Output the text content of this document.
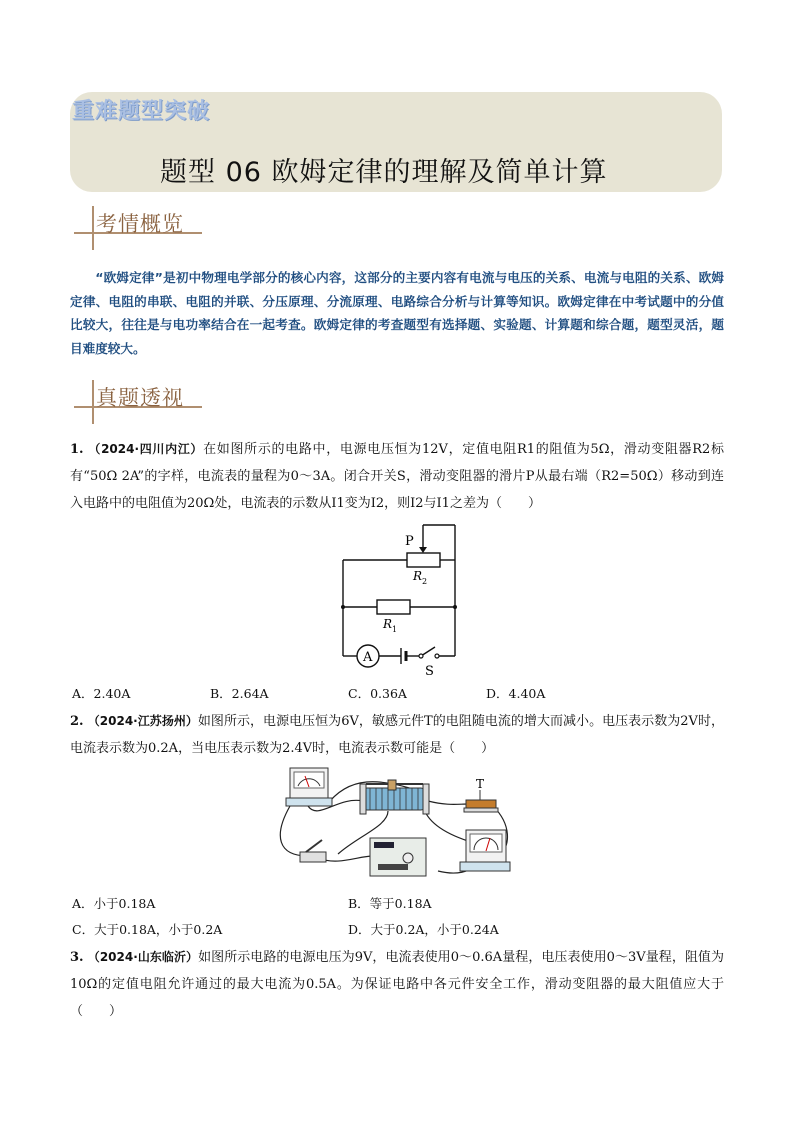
重难题型突破
题型 06 欧姆定律的理解及简单计算
考情概览

“欧姆定律”是初中物理电学部分的核心内容，这部分的主要内容有电流与电压的关系、电流与电阻的关系、欧姆定律、电阻的串联、电阻的并联、分压原理、分流原理、电路综合分析与计算等知识。欧姆定律在中考试题中的分值比较大，往往是与电功率结合在一起考查。欧姆定律的考查题型有选择题、实验题、计算题和综合题，题型灵活，题目难度较大。

真题透视
1. （2024·四川内江）在如图所示的电路中，电源电压恒为12V，定值电阻R1的阻值为5Ω，滑动变阻器R2标有“50Ω 2A”的字样，电流表的量程为0～3A。闭合开关S，滑动变阻器的滑片P从最右端（R2=50Ω）移动到连入电路中的电阻值为20Ω处，电流表的示数从I1变为I2，则I2与I1之差为（　　）
P
R 2
R 1
A
S
A．2.40A	B．2.64A	C．0.36A	D．4.40A
2. （2024·江苏扬州）如图所示，电源电压恒为6V，敏感元件T的电阻随电流的增大而减小。电压表示数为2V时，电流表示数为0.2A，当电压表示数为2.4V时，电流表示数可能是（　　）
T
A．小于0.18A	B．等于0.18A
C．大于0.18A，小于0.2A	D．大于0.2A，小于0.24A
3. （2024·山东临沂）如图所示电路的电源电压为9V，电流表使用0～0.6A量程，电压表使用0～3V量程，阻值为10Ω的定值电阻允许通过的最大电流为0.5A。为保证电路中各元件安全工作，滑动变阻器的最大阻值应大于（　　）
